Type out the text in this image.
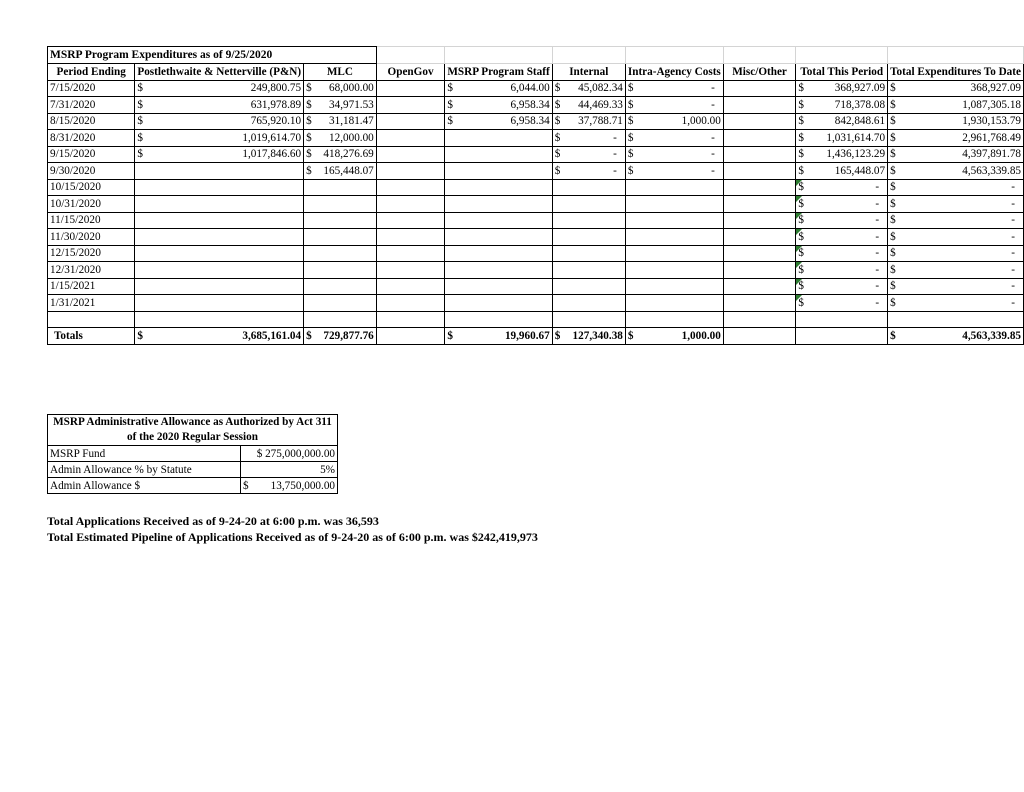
MSRP Program Expenditures as of 9/25/2020									
Period Ending	Postlethwaite & Netterville (P&N)	MLC	OpenGov	MSRP Program Staff	Internal	Intra-Agency Costs	Misc/Other	Total This Period	Total Expenditures To Date
7/15/2020	$ 249,800.75	$ 68,000.00		$ 6,044.00	$ 45,082.34	$ -		$ 368,927.09	$ 368,927.09

7/31/2020	$ 631,978.89	$ 34,971.53		$ 6,958.34	$ 44,469.33	$ -		$ 718,378.08	$ 1,087,305.18

8/15/2020	$ 765,920.10	$ 31,181.47		$ 6,958.34	$ 37,788.71	$ 1,000.00		$ 842,848.61	$ 1,930,153.79

8/31/2020	$ 1,019,614.70	$ 12,000.00			$ -	$ -		$ 1,031,614.70	$ 2,961,768.49

9/15/2020	$ 1,017,846.60	$ 418,276.69			$ -	$ -		$ 1,436,123.29	$ 4,397,891.78

9/30/2020		$ 165,448.07			$ -	$ -		$ 165,448.07	$ 4,563,339.85

10/15/2020								$ -	$ -

10/31/2020								$ -	$ -

11/15/2020								$ -	$ -

11/30/2020								$ -	$ -

12/15/2020								$ -	$ -

12/31/2020								$ -	$ -

1/15/2021								$ -	$ -

1/31/2021								$ -	$ -

Totals	$ 3,685,161.04	$ 729,877.76		$ 19,960.67	$ 127,340.38	$ 1,000.00			$ 4,563,339.85
MSRP Administrative Allowance as Authorized by Act 311 of the 2020 Regular Session	
MSRP Fund	$ 275,000,000.00
Admin Allowance % by Statute	5%
Admin Allowance $	$ 13,750,000.00
Total Applications Received as of 9-24-20 at 6:00 p.m. was 36,593
Total Estimated Pipeline of Applications Received as of 9-24-20 as of 6:00 p.m. was $242,419,973
